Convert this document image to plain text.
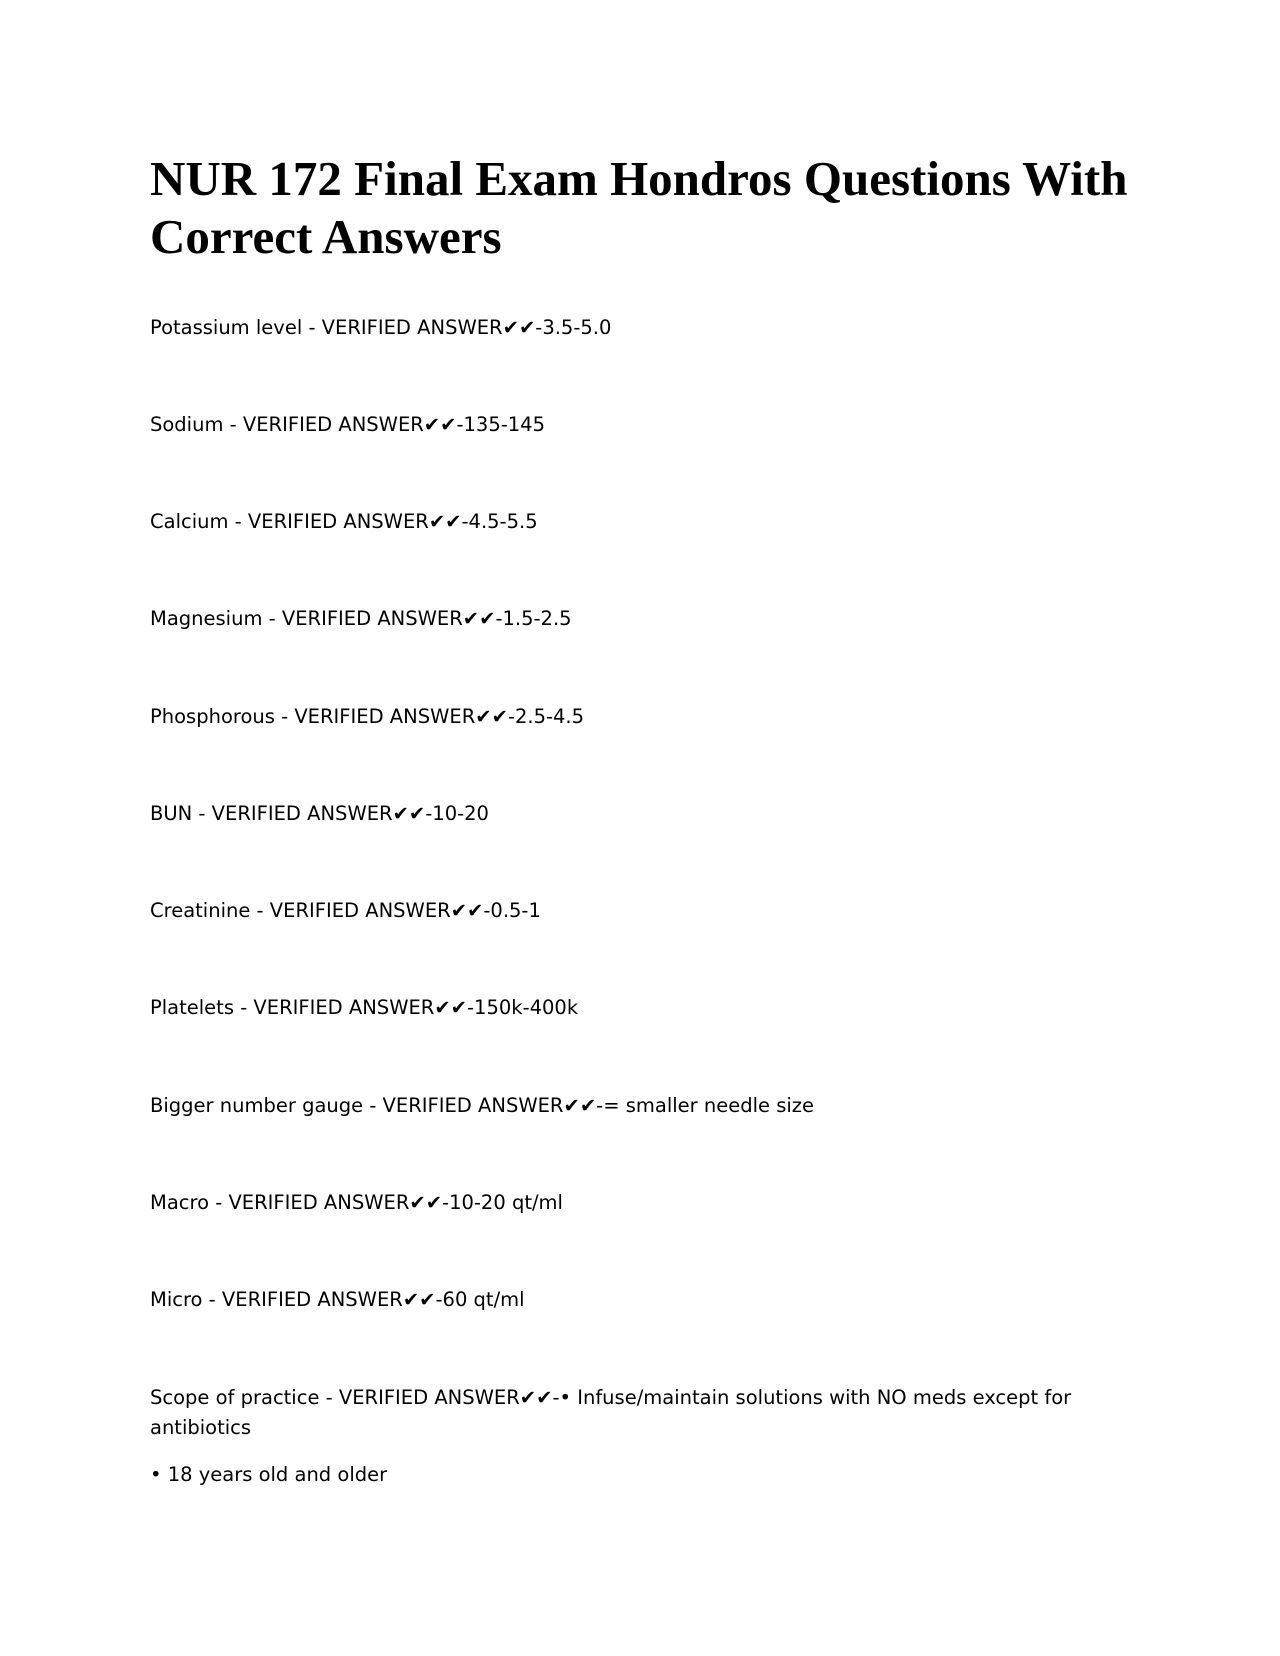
NUR 172 Final Exam Hondros Questions With Correct Answers

Potassium level - VERIFIED ANSWER✔✔-3.5-5.0

Sodium - VERIFIED ANSWER✔✔-135-145

Calcium - VERIFIED ANSWER✔✔-4.5-5.5

Magnesium - VERIFIED ANSWER✔✔-1.5-2.5

Phosphorous - VERIFIED ANSWER✔✔-2.5-4.5

BUN - VERIFIED ANSWER✔✔-10-20

Creatinine - VERIFIED ANSWER✔✔-0.5-1

Platelets - VERIFIED ANSWER✔✔-150k-400k

Bigger number gauge - VERIFIED ANSWER✔✔-= smaller needle size

Macro - VERIFIED ANSWER✔✔-10-20 qt/ml

Micro - VERIFIED ANSWER✔✔-60 qt/ml

Scope of practice - VERIFIED ANSWER✔✔-• Infuse/maintain solutions with NO meds except for antibiotics

• 18 years old and older
